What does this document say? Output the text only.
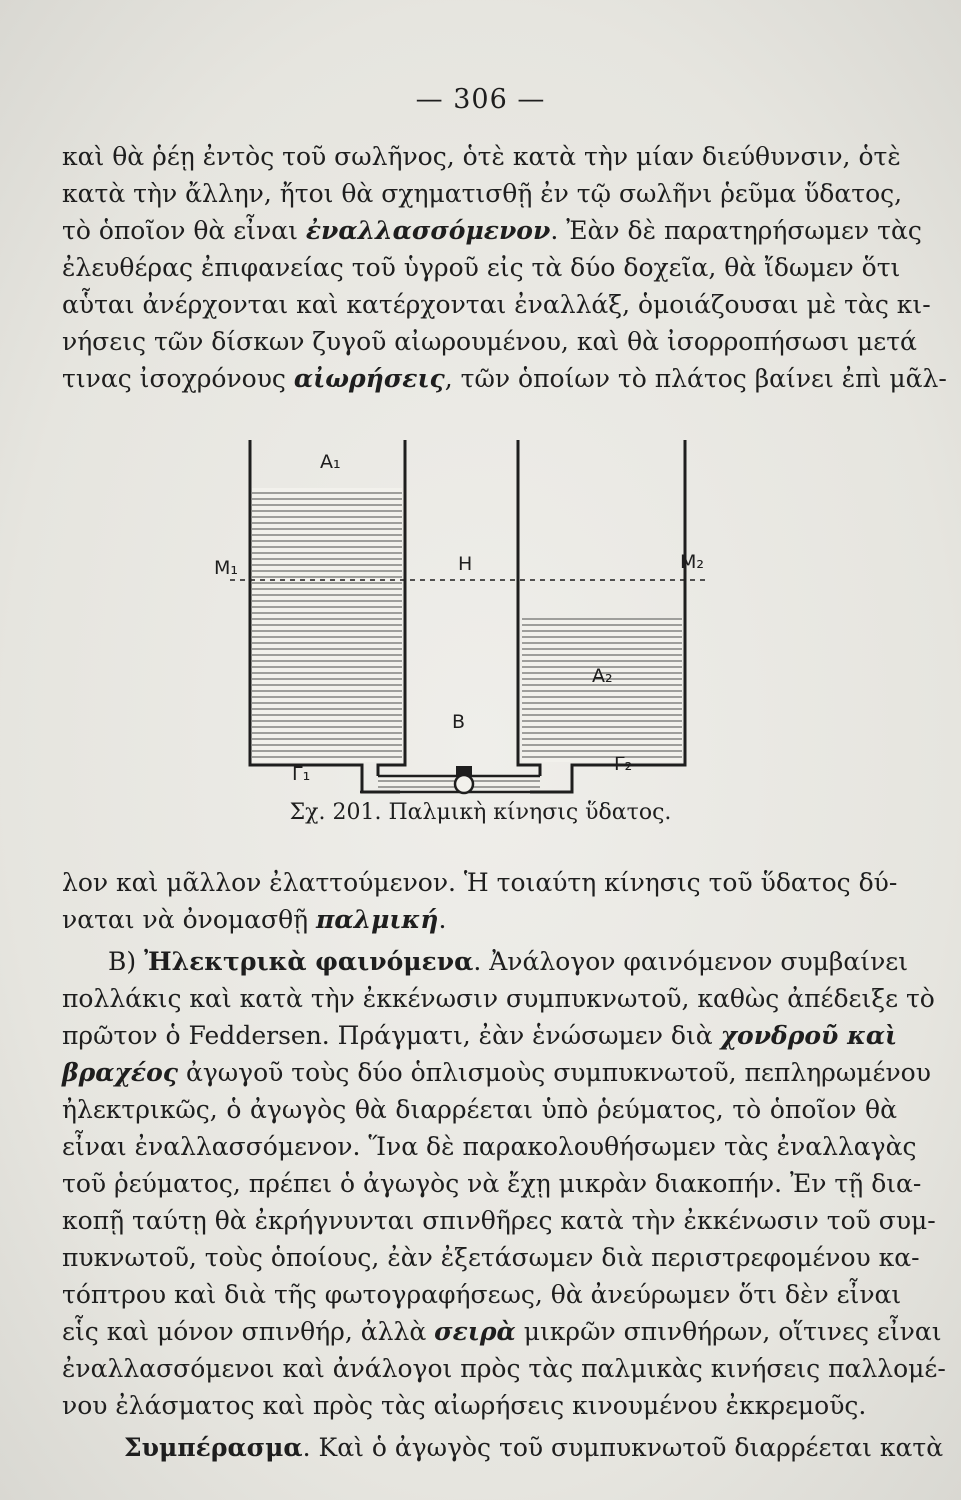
— 306 —
καὶ θὰ ῥέῃ ἐντὸς τοῦ σωλῆνος, ὁτὲ κατὰ τὴν μίαν διεύθυνσιν, ὁτὲ
κατὰ τὴν ἄλλην, ἤτοι θὰ σχηματισθῇ ἐν τῷ σωλῆνι ῥεῦμα ὕδατος,
τὸ ὁποῖον θὰ εἶναι ἐναλλασσόμενον. Ἐὰν δὲ παρατηρήσωμεν τὰς
ἐλευθέρας ἐπιφανείας τοῦ ὑγροῦ εἰς τὰ δύο δοχεῖα, θὰ ἴδωμεν ὅτι
αὗται ἀνέρχονται καὶ κατέρχονται ἐναλλάξ, ὁμοιάζουσαι μὲ τὰς κι-
νήσεις τῶν δίσκων ζυγοῦ αἰωρουμένου, καὶ θὰ ἰσορροπήσωσι μετά
τινας ἰσοχρόνους αἰωρήσεις, τῶν ὁποίων τὸ πλάτος βαίνει ἐπὶ μᾶλ-
M₁	M₂
H
A₁
A₂
B
Γ₁	Γ₂
Σχ. 201. Παλμικὴ κίνησις ὕδατος.
λον καὶ μᾶλλον ἐλαττούμενον. Ἡ τοιαύτη κίνησις τοῦ ὕδατος δύ-
ναται νὰ ὀνομασθῇ παλμική.
Β) Ἠλεκτρικὰ φαινόμενα. Ἀνάλογον φαινόμενον συμβαίνει
πολλάκις καὶ κατὰ τὴν ἐκκένωσιν συμπυκνωτοῦ, καθὼς ἀπέδειξε τὸ
πρῶτον ὁ Feddersen. Πράγματι, ἐὰν ἑνώσωμεν διὰ χονδροῦ καὶ
βραχέος ἀγωγοῦ τοὺς δύο ὁπλισμοὺς συμπυκνωτοῦ, πεπληρωμένου
ἠλεκτρικῶς, ὁ ἀγωγὸς θὰ διαρρέεται ὑπὸ ῥεύματος, τὸ ὁποῖον θὰ
εἶναι ἐναλλασσόμενον. Ἵνα δὲ παρακολουθήσωμεν τὰς ἐναλλαγὰς
τοῦ ῥεύματος, πρέπει ὁ ἀγωγὸς νὰ ἔχῃ μικρὰν διακοπήν. Ἐν τῇ δια-
κοπῇ ταύτῃ θὰ ἐκρήγνυνται σπινθῆρες κατὰ τὴν ἐκκένωσιν τοῦ συμ-
πυκνωτοῦ, τοὺς ὁποίους, ἐὰν ἐξετάσωμεν διὰ περιστρεφομένου κα-
τόπτρου καὶ διὰ τῆς φωτογραφήσεως, θὰ ἀνεύρωμεν ὅτι δὲν εἶναι
εἷς καὶ μόνον σπινθήρ, ἀλλὰ σειρὰ μικρῶν σπινθήρων, οἵτινες εἶναι
ἐναλλασσόμενοι καὶ ἀνάλογοι πρὸς τὰς παλμικὰς κινήσεις παλλομέ-
νου ἐλάσματος καὶ πρὸς τὰς αἰωρήσεις κινουμένου ἐκκρεμοῦς.
Συμπέρασμα. Καὶ ὁ ἀγωγὸς τοῦ συμπυκνωτοῦ διαρρέεται κατὰ
